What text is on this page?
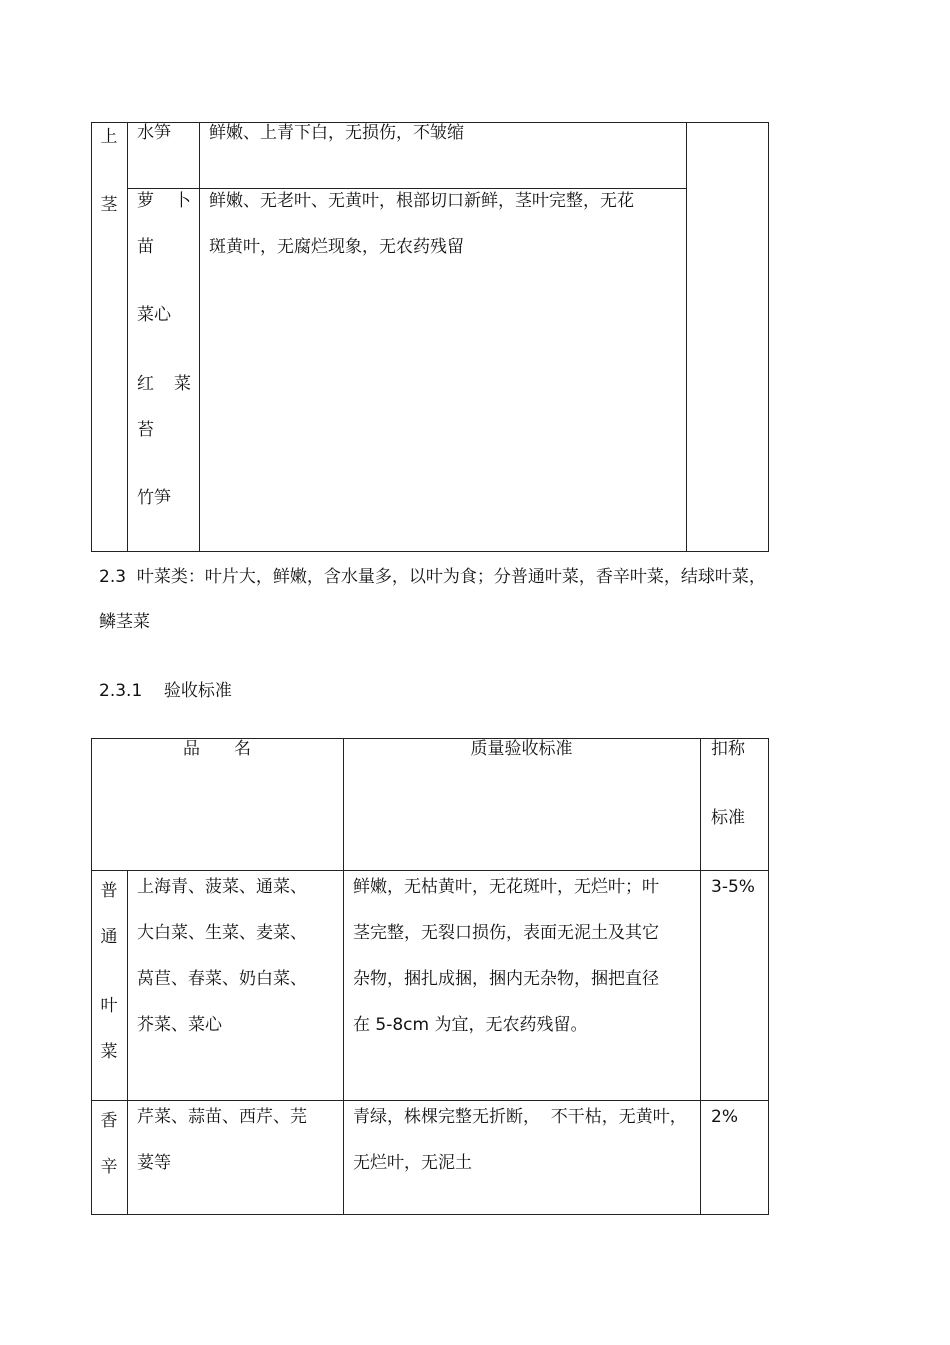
上
茎
水笋 鲜嫩、上青下白，无损伤，不皱缩
萝　卜
苗
菜心
红　菜
苔
竹笋
鲜嫩、无老叶、无黄叶，根部切口新鲜，茎叶完整，无花
斑黄叶，无腐烂现象，无农药残留
2.3  叶菜类：叶片大，鲜嫩，含水量多，以叶为食；分普通叶菜，香辛叶菜，结球叶菜，
鳞茎菜
2.3.1    验收标准
品　　名	质量验收标准	扣称
标准
普
通
叶
菜
上海青、菠菜、通菜、
大白菜、生菜、麦菜、
莴苣、春菜、奶白菜、
芥菜、菜心
鲜嫩，无枯黄叶，无花斑叶，无烂叶；叶
茎完整，无裂口损伤，表面无泥土及其它
杂物，捆扎成捆，捆内无杂物，捆把直径
在 5-8cm 为宜，无农药残留。
3-5%
香
辛
芹菜、蒜苗、西芹、芫
荽等
青绿，株棵完整无折断，  不干枯，无黄叶，
无烂叶，无泥土
2%
